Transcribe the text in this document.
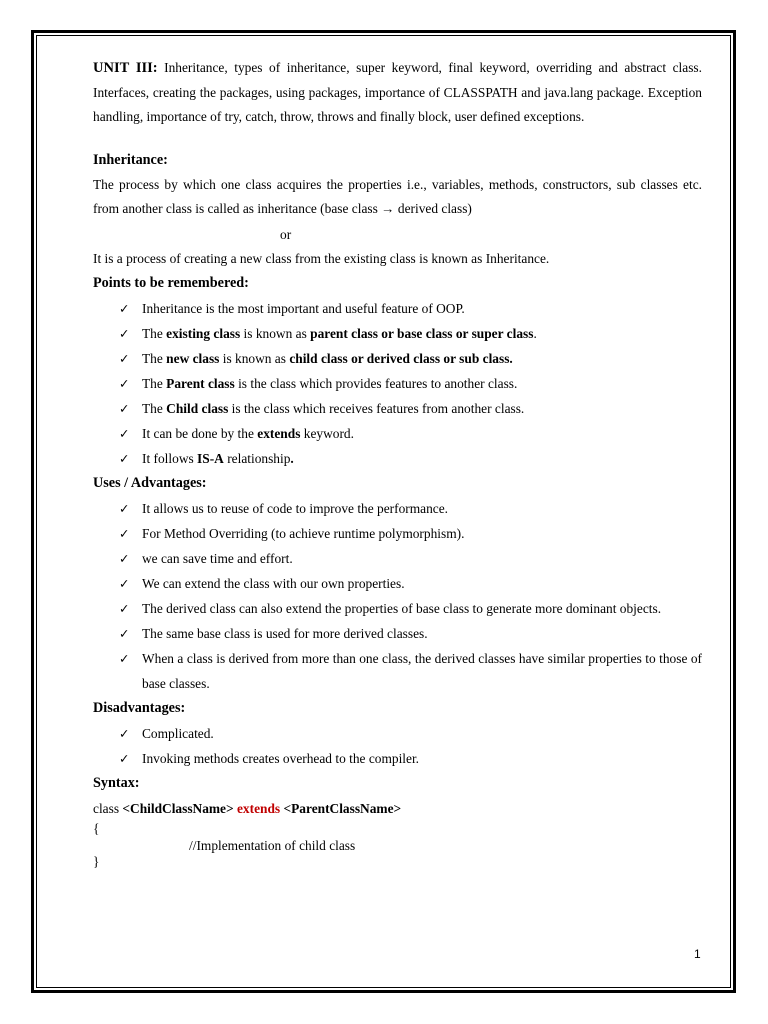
UNIT III: Inheritance, types of inheritance, super keyword, final keyword, overriding and abstract class. Interfaces, creating the packages, using packages, importance of CLASSPATH and java.lang package. Exception handling, importance of try, catch, throw, throws and finally block, user defined exceptions.

Inheritance:

The process by which one class acquires the properties i.e., variables, methods, constructors, sub classes etc. from another class is called as inheritance (base class → derived class)

or

It is a process of creating a new class from the existing class is known as Inheritance.

Points to be remembered:

✓ Inheritance is the most important and useful feature of OOP.
✓ The existing class is known as parent class or base class or super class.
✓ The new class is known as child class or derived class or sub class.
✓ The Parent class is the class which provides features to another class.
✓ The Child class is the class which receives features from another class.
✓ It can be done by the extends keyword.
✓ It follows IS-A relationship.

Uses / Advantages:

✓ It allows us to reuse of code to improve the performance.
✓ For Method Overriding (to achieve runtime polymorphism).
✓ we can save time and effort.
✓ We can extend the class with our own properties.
✓ The derived class can also extend the properties of base class to generate more dominant objects.
✓ The same base class is used for more derived classes.
✓ When a class is derived from more than one class, the derived classes have similar properties to those of base classes.

Disadvantages:

✓ Complicated.
✓ Invoking methods creates overhead to the compiler.

Syntax:

class <ChildClassName> extends <ParentClassName>

{

//Implementation of child class

}

1
